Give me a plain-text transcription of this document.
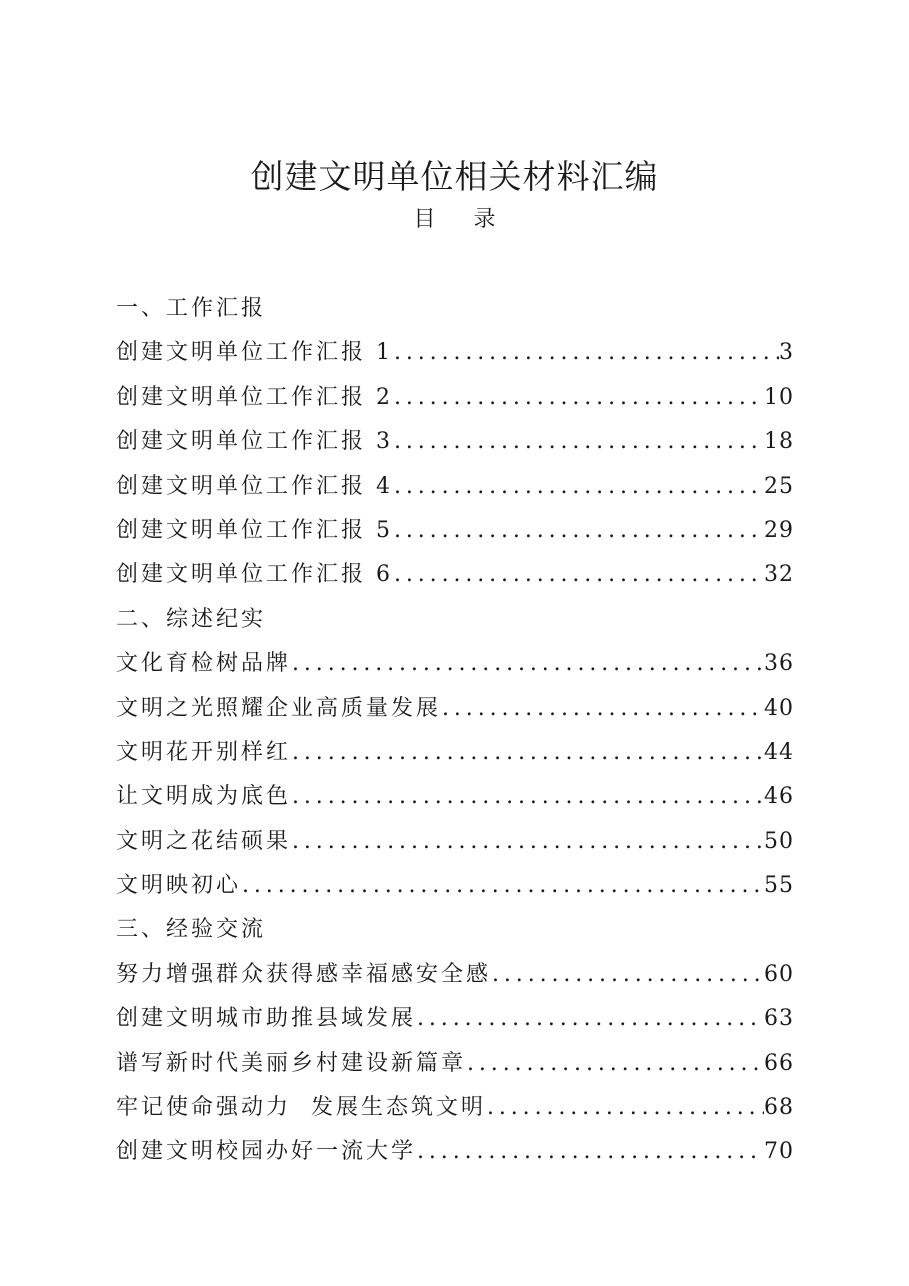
创建文明单位相关材料汇编
目录
一、工作汇报
创建文明单位工作汇报 1 .....	3
创建文明单位工作汇报 2 .....	10
创建文明单位工作汇报 3 .....	18
创建文明单位工作汇报 4 .....	25
创建文明单位工作汇报 5 .....	29
创建文明单位工作汇报 6 .....	32
二、综述纪实
文化育检树品牌 .....	36
文明之光照耀企业高质量发展 .....	40
文明花开别样红 .....	44
让文明成为底色 .....	46
文明之花结硕果 .....	50
文明映初心 .....	55
三、经验交流
努力增强群众获得感幸福感安全感 .....	60
创建文明城市助推县域发展 .....	63
谱写新时代美丽乡村建设新篇章 .....	66
牢记使命强动力  发展生态筑文明 .....	68
创建文明校园办好一流大学 .....	70
